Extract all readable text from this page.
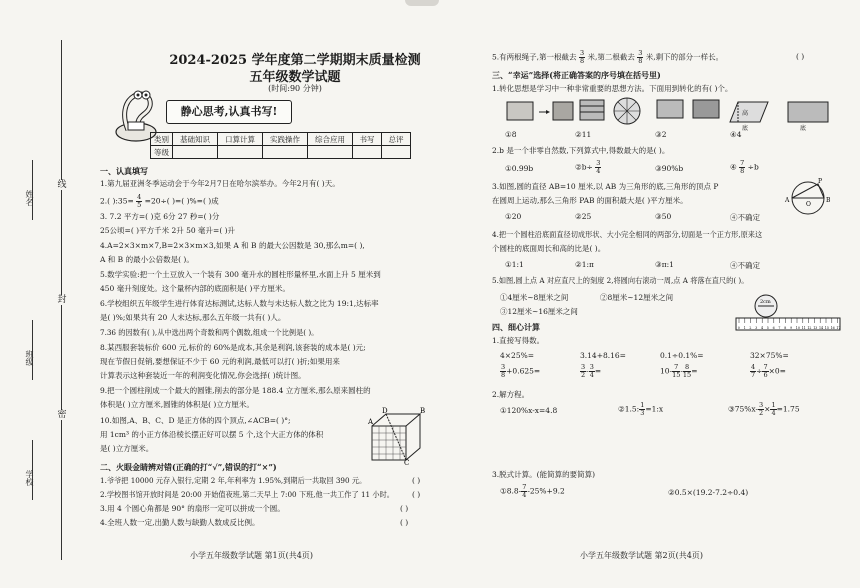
线
封
密
姓名
班级
学校
2024-2025 学年度第二学期期末质量检测
五年级数学试题
(时间:90 分钟)
静心思考,认真书写!
类别	基础知识	口算计算	实践操作	综合应用	书写	总评
等级						
一、认真填写
1.第九届亚洲冬季运动会于今年2月7日在哈尔滨举办。今年2月有( )天。
2.( ):35= $\frac{4}{5} =20\div$( )=( )%=( )成
3. 7.2 平方=( )克 6分 27 秒=( )分
25公顷=( )平方千米 2升 50 毫升=( )升
4.A=2×3×m×7,B=2×3×m×3,如果 A 和 B 的最大公因数是 30,那么m=( ),
A 和 B 的最小公倍数是( )。
5.数学实验:把一个土豆放入一个装有 300 毫升水的圆柱形量杯里,水面上升 5 厘米到
450 毫升刻度处。这个量杯内部的底面积是( )平方厘米。
6.学校组织五年级学生进行体育达标测试,达标人数与未达标人数之比为 19:1,达标率
是( )%;如果共有 20 人未达标,那么五年级一共有( )人。
7.36 的因数有( ),从中选出两个奇数和两个偶数,组成一个比例是( )。
8.某西服套装标价 600 元,标价的 60%是成本,其余是利润,该套装的成本是( )元;
现在节假日促销,要想保证不少于 60 元的利润,最低可以打( )折;如果用来
计算表示这种套装近一年的利润变化情况,你会选择( )统计图。
9.把一个圆柱削成一个最大的圆锥,削去的部分是 188.4 立方厘米,那么原来圆柱的
体积是( )立方厘米,圆锥的体积是( )立方厘米。
10.如图,A、B、C、D 是正方体的四个顶点,∠ACB=( )°;
用 1cm³ 的小正方体沿棱长摆正好可以摆 5 个,这个大正方体的体积
是( )立方厘米。
A
B
C
D
二、火眼金睛辨对错(正确的打“√”,错误的打“×”)
1.爷爷把 10000 元存入银行,定期 2 年,年利率为 1.95%,到期后一共取回 390 元。	( )
2.学校图书馆开放时间是 20:00 开始值夜班,第二天早上 7:00 下班,他一共工作了 11 小时。 ( )
3.用 4 个圆心角都是 90° 的扇形一定可以拼成一个圆。	( )
4.全班人数一定,出勤人数与缺勤人数成反比例。	( )
小学五年级数学试题 第1页(共4页)
5.有两根绳子,第一根截去 $\frac{3}{8}$ 米,第二根截去 $\frac{3}{8}$ 米,剩下的部分一样长。	( )
三、“幸运”选择(将正确答案的序号填在括号里)
1.转化思想是学习中一种非常重要的思想方法。下面用到转化的有( )个。
高
底	底
①8	②11	③2	④4
2.b 是一个非零自然数,下列算式中,得数最大的是( )。
①0.99b	②b÷ $\frac{3}{4}$	③90%b	④ $\frac{7}{8} \div b$
3.如图,圆的直径 AB=10 厘米,以 AB 为三角形的底,三角形的顶点 P
在圆周上运动,那么三角形 PAB 的面积最大是( )平方厘米。	A	B
P
O
①20	②25	③50	④不确定
4.把一个圆柱沿底面直径切成形状、大小完全相同的两部分,切面是一个正方形,原来这
个圆柱的底面周长和高的比是( )。
①1:1	②1:π	③π:1	④不确定
5.如图,圆上点 A 对应直尺上的刻度 2,将圆向右滚动一周,点 A 将落在直尺的( )。
①4厘米~8厘米之间	②8厘米~12厘米之间
③12厘米~16厘米之间
2cm
0 1 2 3 4 5 6 7 8 9 10 11 12 13 14 15 16 17
四、细心计算
1.直接写得数。
4×25%=	3.14+8.16=	0.1÷0.1%=	32×75%=
$\frac{3}{8} +0.625=$	$\frac{3}{2} - \frac{3}{4}$ =	$10- \frac{7}{15} - \frac{8}{15}$ =	$\frac{4}{7} \div \frac{7}{6} \times 0=$
2.解方程。
①120%x-x=4.8	②1.5: $\frac{1}{3}$ =1:x	③75%x- $\frac{3}{2} \times \frac{1}{4} =1.75$
3.脱式计算。(能简算的要简算)
①8.8- $\frac{7}{4} -25\%+9.2$	②0.5×(19.2-7.2÷0.4)
小学五年级数学试题 第2页(共4页)
